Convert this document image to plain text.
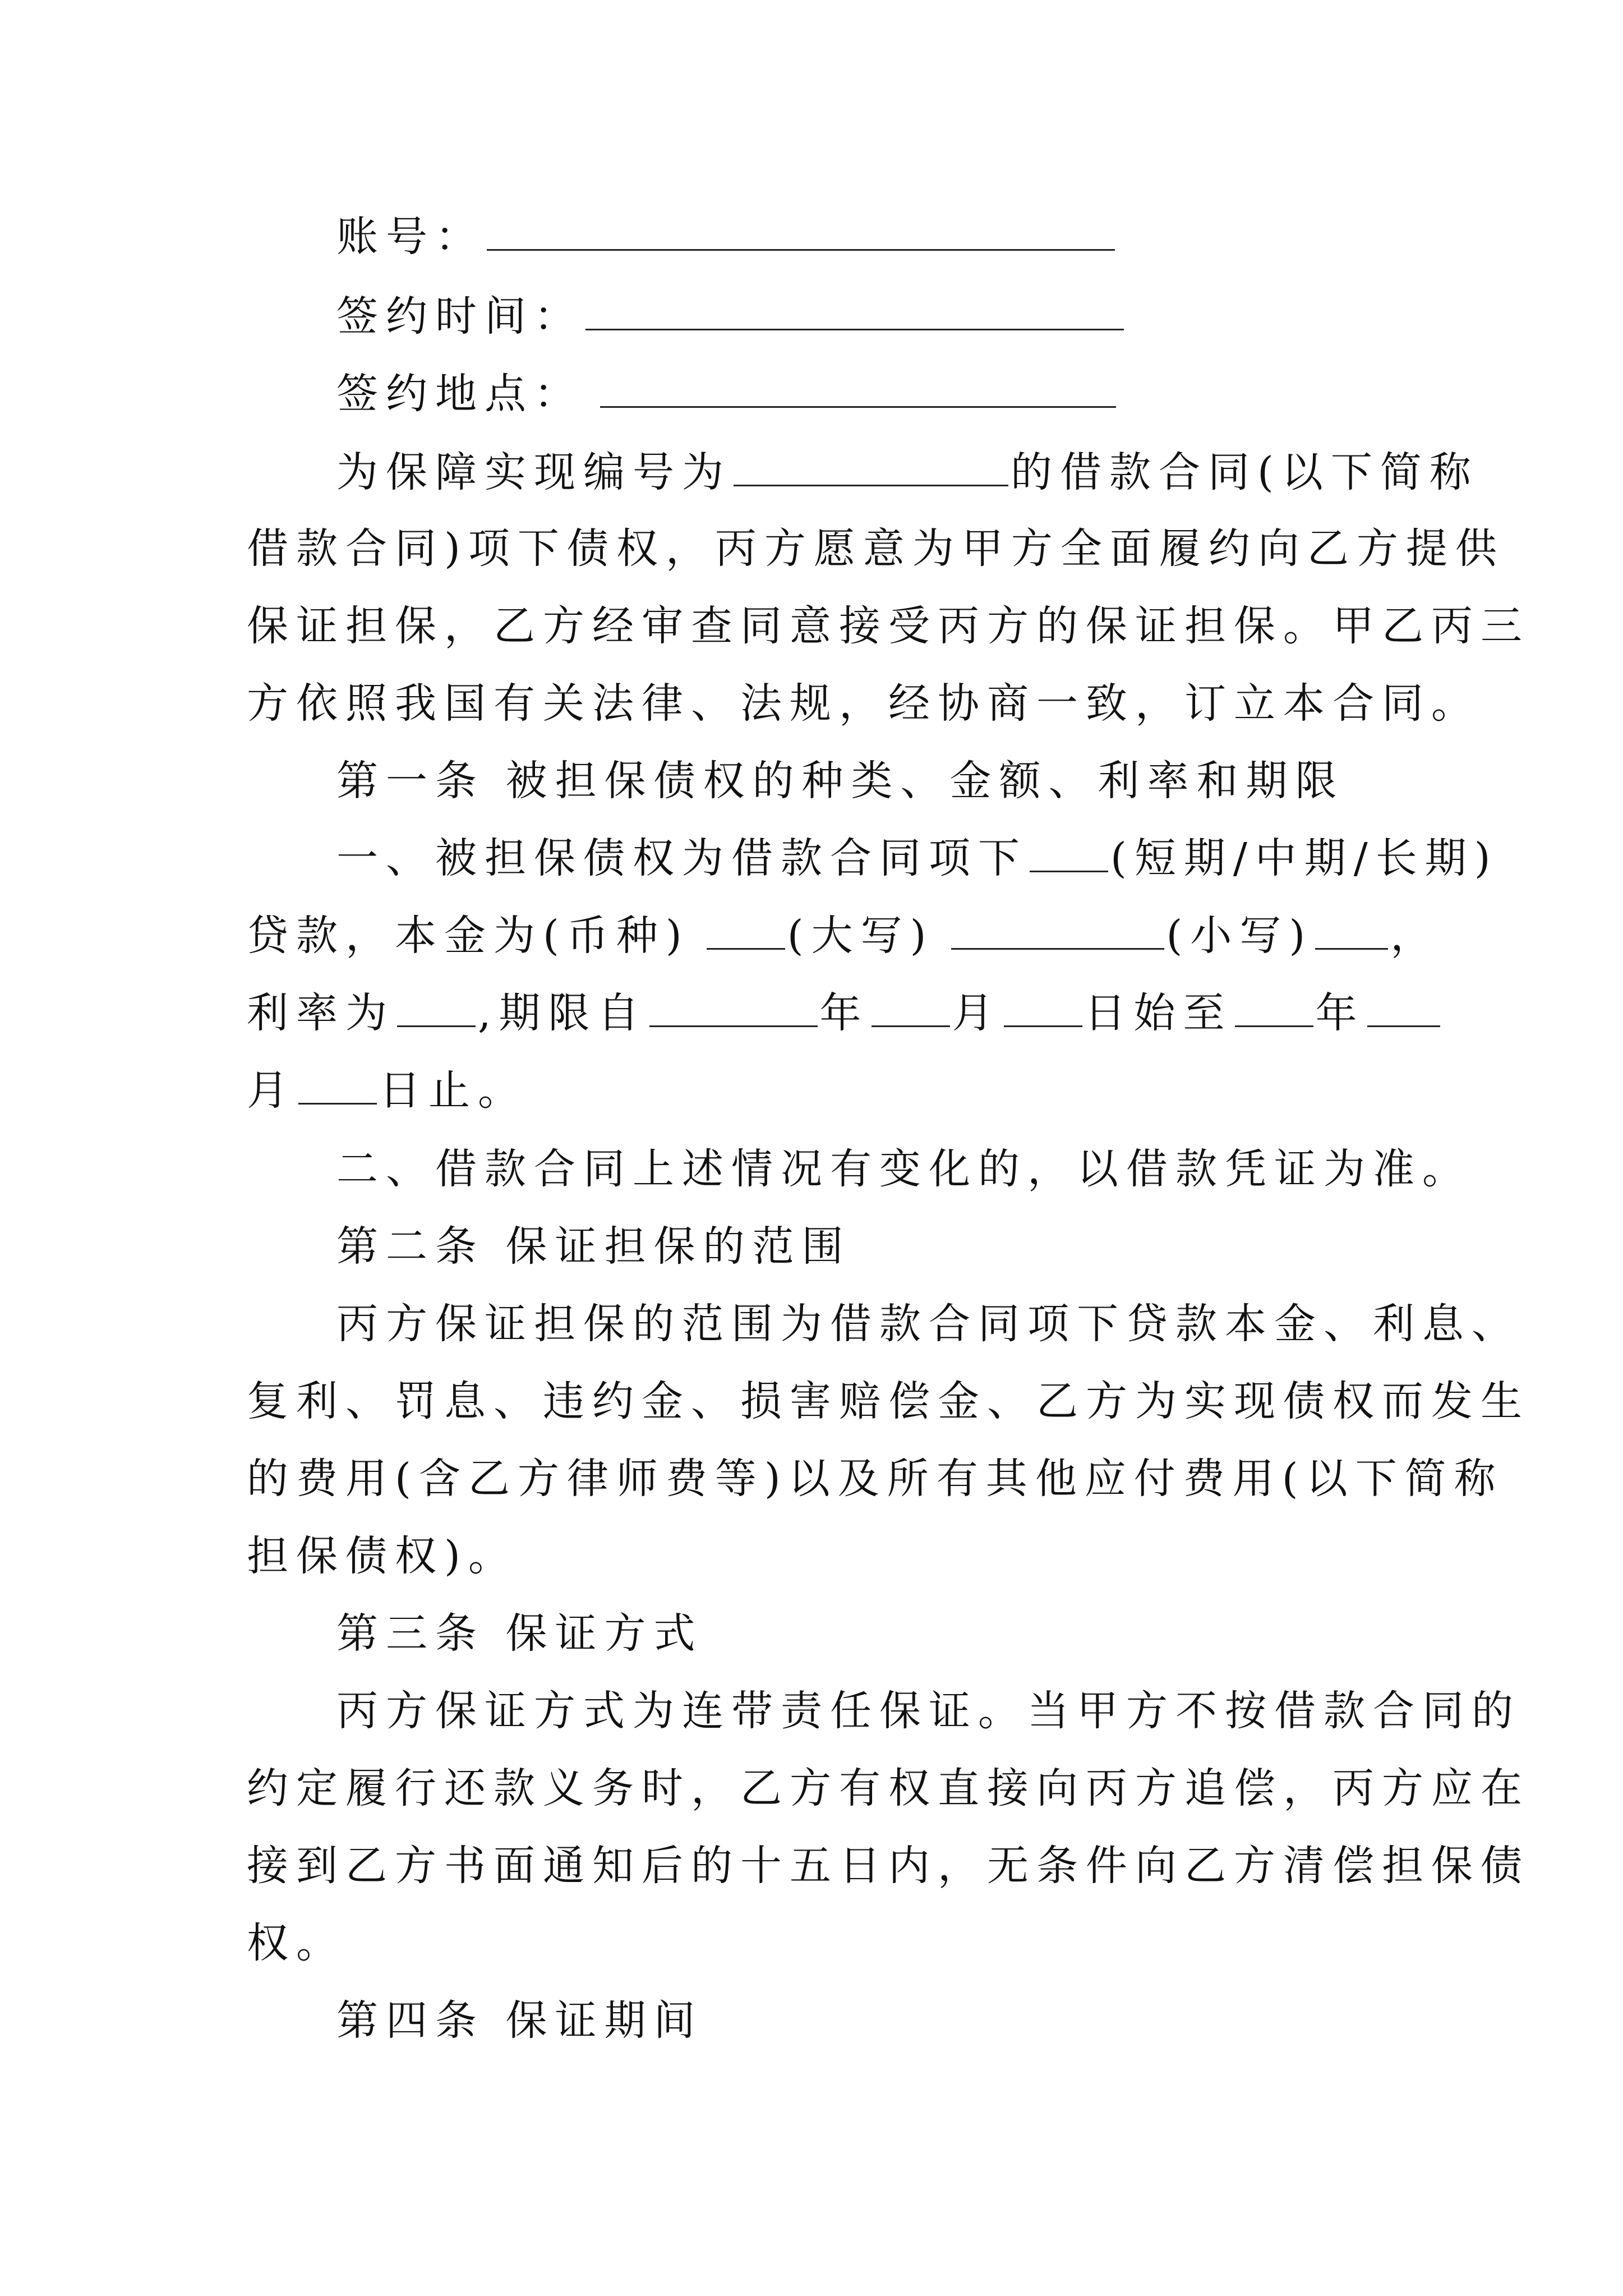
账号：
签约时间：
签约地点：
为保障实现编号为	的借款合同(以下简称
借款合同)项下债权，丙方愿意为甲方全面履约向乙方提供
保证担保，乙方经审查同意接受丙方的保证担保。甲乙丙三
方依照我国有关法律、法规，经协商一致，订立本合同。
第一条 被担保债权的种类、金额、利率和期限
一、被担保债权为借款合同项下 (短期/中期/长期)
贷款，本金为(币种) (大写)	(小写) ，
利率为 ,期限自	年 月 日始至 年
月 日止。
二、借款合同上述情况有变化的，以借款凭证为准。
第二条 保证担保的范围
丙方保证担保的范围为借款合同项下贷款本金、利息、
复利、罚息、违约金、损害赔偿金、乙方为实现债权而发生
的费用(含乙方律师费等)以及所有其他应付费用(以下简称
担保债权)。
第三条 保证方式
丙方保证方式为连带责任保证。当甲方不按借款合同的
约定履行还款义务时，乙方有权直接向丙方追偿，丙方应在
接到乙方书面通知后的十五日内，无条件向乙方清偿担保债
权。
第四条 保证期间
